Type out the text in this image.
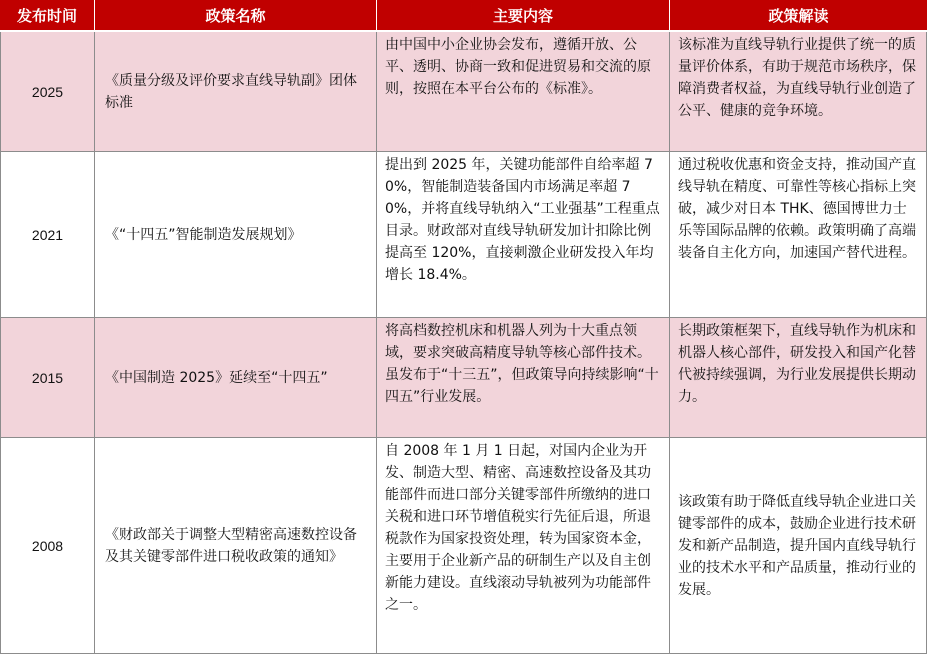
发布时间	政策名称	主要内容	政策解读
2025	《质量分级及评价要求直线导轨副》团体标准	由中国中小企业协会发布，遵循开放、公平、透明、协商一致和促进贸易和交流的原则，按照在本平台公布的《标准》。	该标准为直线导轨行业提供了统一的质量评价体系，有助于规范市场秩序，保障消费者权益，为直线导轨行业创造了公平、健康的竞争环境。
2021	《“十四五”智能制造发展规划》	提出到 2025 年，关键功能部件自给率超 70%，智能制造装备国内市场满足率超 70%，并将直线导轨纳入“工业强基”工程重点目录。财政部对直线导轨研发加计扣除比例提高至 120%，直接刺激企业研发投入年均增长 18.4%。	通过税收优惠和资金支持，推动国产直线导轨在精度、可靠性等核心指标上突破，减少对日本 THK、德国博世力士乐等国际品牌的依赖。政策明确了高端装备自主化方向，加速国产替代进程。
2015	《中国制造 2025》延续至“十四五”	将高档数控机床和机器人列为十大重点领域，要求突破高精度导轨等核心部件技术。虽发布于“十三五”，但政策导向持续影响“十四五”行业发展。	长期政策框架下，直线导轨作为机床和机器人核心部件，研发投入和国产化替代被持续强调，为行业发展提供长期动力。
2008	《财政部关于调整大型精密高速数控设备及其关键零部件进口税收政策的通知》	自 2008 年 1 月 1 日起，对国内企业为开发、制造大型、精密、高速数控设备及其功能部件而进口部分关键零部件所缴纳的进口关税和进口环节增值税实行先征后退，所退税款作为国家投资处理，转为国家资本金，主要用于企业新产品的研制生产以及自主创新能力建设。直线滚动导轨被列为功能部件之一。	该政策有助于降低直线导轨企业进口关键零部件的成本，鼓励企业进行技术研发和新产品制造，提升国内直线导轨行业的技术水平和产品质量，推动行业的发展。
